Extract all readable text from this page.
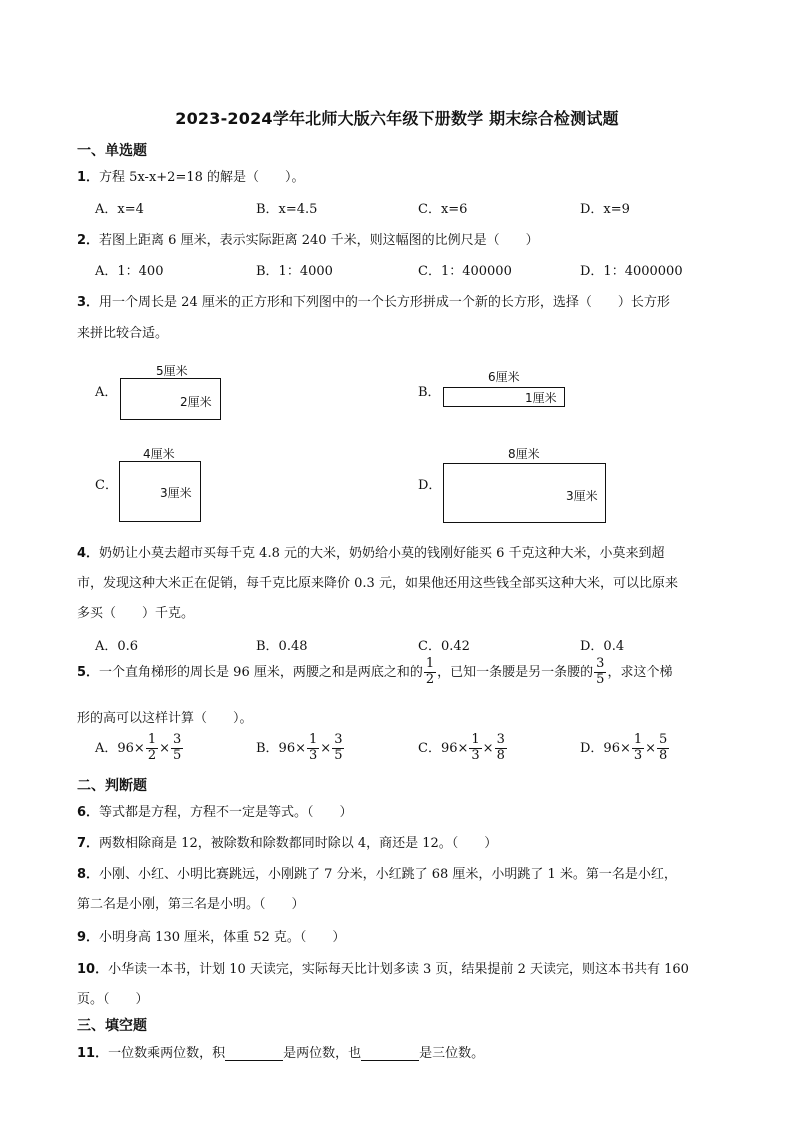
2023-2024学年北师大版六年级下册数学 期末综合检测试题
一、单选题
1．方程 5x-x+2=18 的解是（　　）。
A．x=4	B．x=4.5	C．x=6	D．x=9
2．若图上距离 6 厘米，表示实际距离 240 千米，则这幅图的比例尺是（　　）
A．1：400	B．1：4000	C．1：400000	D．1：4000000
3．用一个周长是 24 厘米的正方形和下列图中的一个长方形拼成一个新的长方形，选择（　　）长方形
来拼比较合适。
A．
5厘米
2厘米
B．
6厘米
1厘米
C．
4厘米
3厘米	D．
8厘米
3厘米
4．奶奶让小莫去超市买每千克 4.8 元的大米，奶奶给小莫的钱刚好能买 6 千克这种大米，小莫来到超
市，发现这种大米正在促销，每千克比原来降价 0.3 元，如果他还用这些钱全部买这种大米，可以比原来
多买（　　）千克。
A．0.6	B．0.48	C．0.42	D．0.4
5．一个直角梯形的周长是 96 厘米，两腰之和是两底之和的 $\frac{1}{2}$ ，已知一条腰是另一条腰的 $\frac{3}{5}$ ，求这个梯
形的高可以这样计算（　　）。
A．$96\times \frac{1}{2} \times \frac{3}{5}$	B．$96\times \frac{1}{3} \times \frac{3}{5}$	C．$96\times \frac{1}{3} \times \frac{3}{8}$	D．$96\times \frac{1}{3} \times \frac{5}{8}$
二、判断题
6．等式都是方程，方程不一定是等式。（　　）
7．两数相除商是 12，被除数和除数都同时除以 4，商还是 12。（　　）
8．小刚、小红、小明比赛跳远，小刚跳了 7 分米，小红跳了 68 厘米，小明跳了 1 米。第一名是小红，
第二名是小刚，第三名是小明。（　　）
9．小明身高 130 厘米，体重 52 克。（　　）
10．小华读一本书，计划 10 天读完，实际每天比计划多读 3 页，结果提前 2 天读完，则这本书共有 160
页。（　　）
三、填空题
11．一位数乘两位数，积	是两位数，也	是三位数。
